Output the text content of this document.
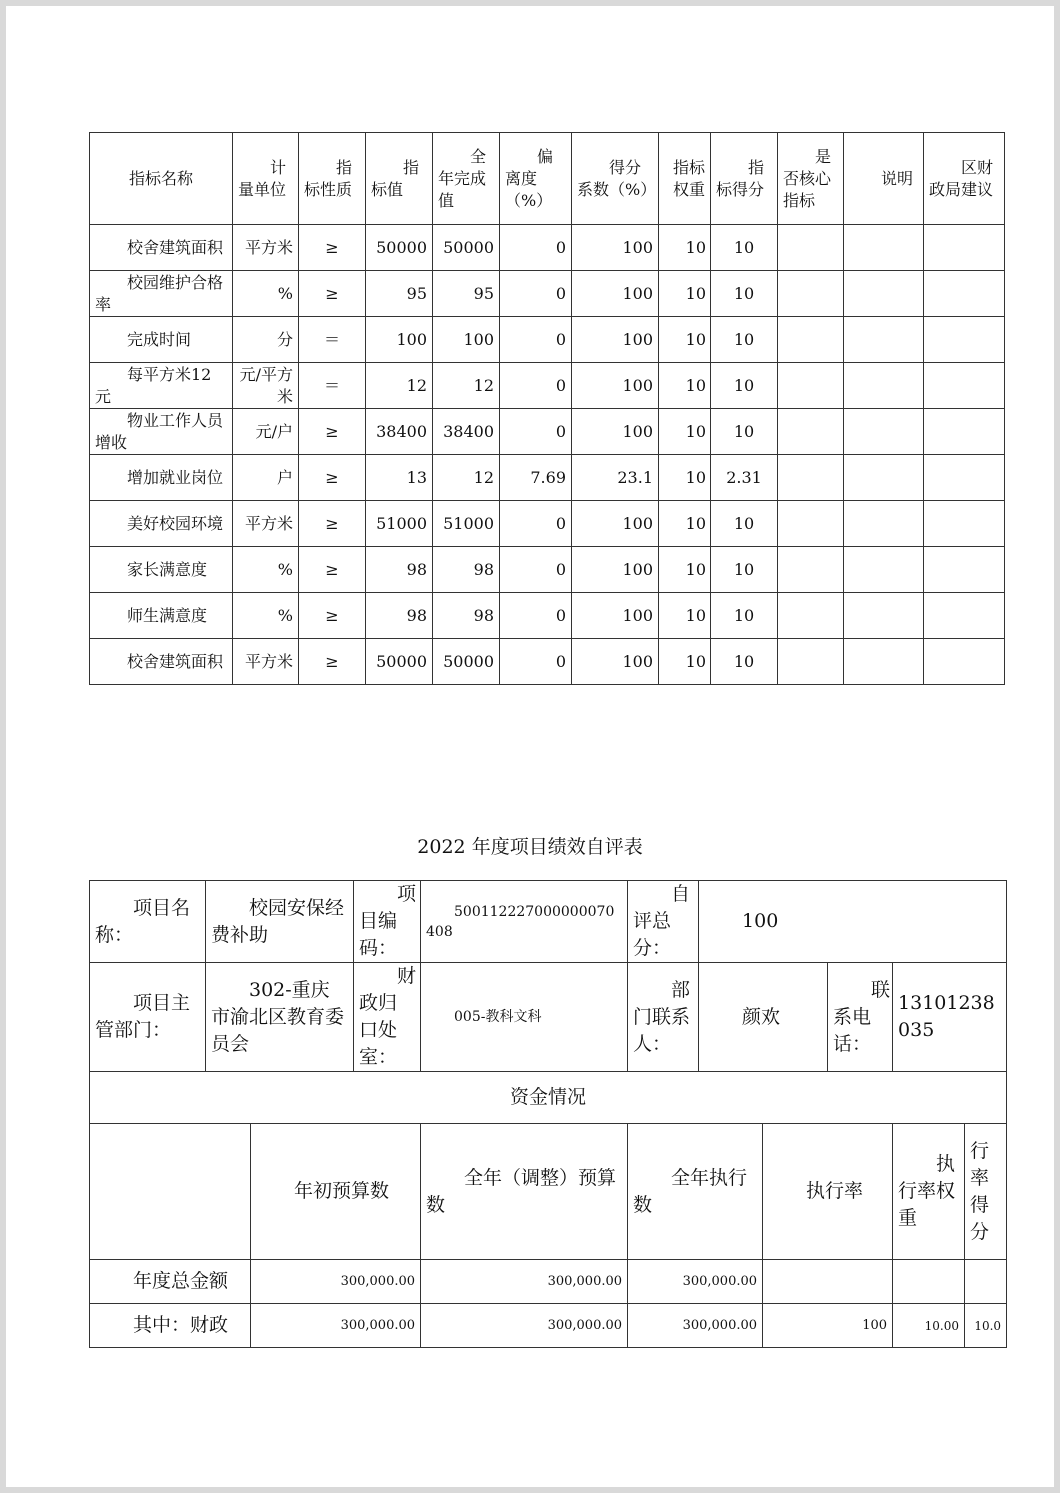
指标名称	计量单位	指标性质	指标值	全年完成值	偏离度（%）	得分系数（%）	指标权重	指标得分	是否核心指标	说明	区财政局建议
校舍建筑面积	平方米	≥	50000	50000	0	100	10	10			
校园维护合格率	%	≥	95	95	0	100	10	10			
完成时间	分	＝	100	100	0	100	10	10			
每平方米12元	元/平方米	＝	12	12	0	100	10	10			
物业工作人员增收	元/户	≥	38400	38400	0	100	10	10			
增加就业岗位	户	≥	13	12	7.69	23.1	10	2.31			
美好校园环境	平方米	≥	51000	51000	0	100	10	10			
家长满意度	%	≥	98	98	0	100	10	10			
师生满意度	%	≥	98	98	0	100	10	10			
校舍建筑面积	平方米	≥	50000	50000	0	100	10	10			
2022 年度项目绩效自评表
项目名称：	校园安保经费补助		项目编码：	500112227000000070408	自评总分：	100				
项目主管部门：	302-重庆市渝北区教育委员会		财政归口处室：	005-教科文科	部门联系人：	颜欢		联系电话：	13101238035	
资金情况										
		年初预算数		全年（调整）预算数	全年执行数		执行率		执行率权重	行率得分
年度总金额		300,000.00		300,000.00	300,000.00					
其中：财政		300,000.00		300,000.00	300,000.00		100		10.00	10.0
